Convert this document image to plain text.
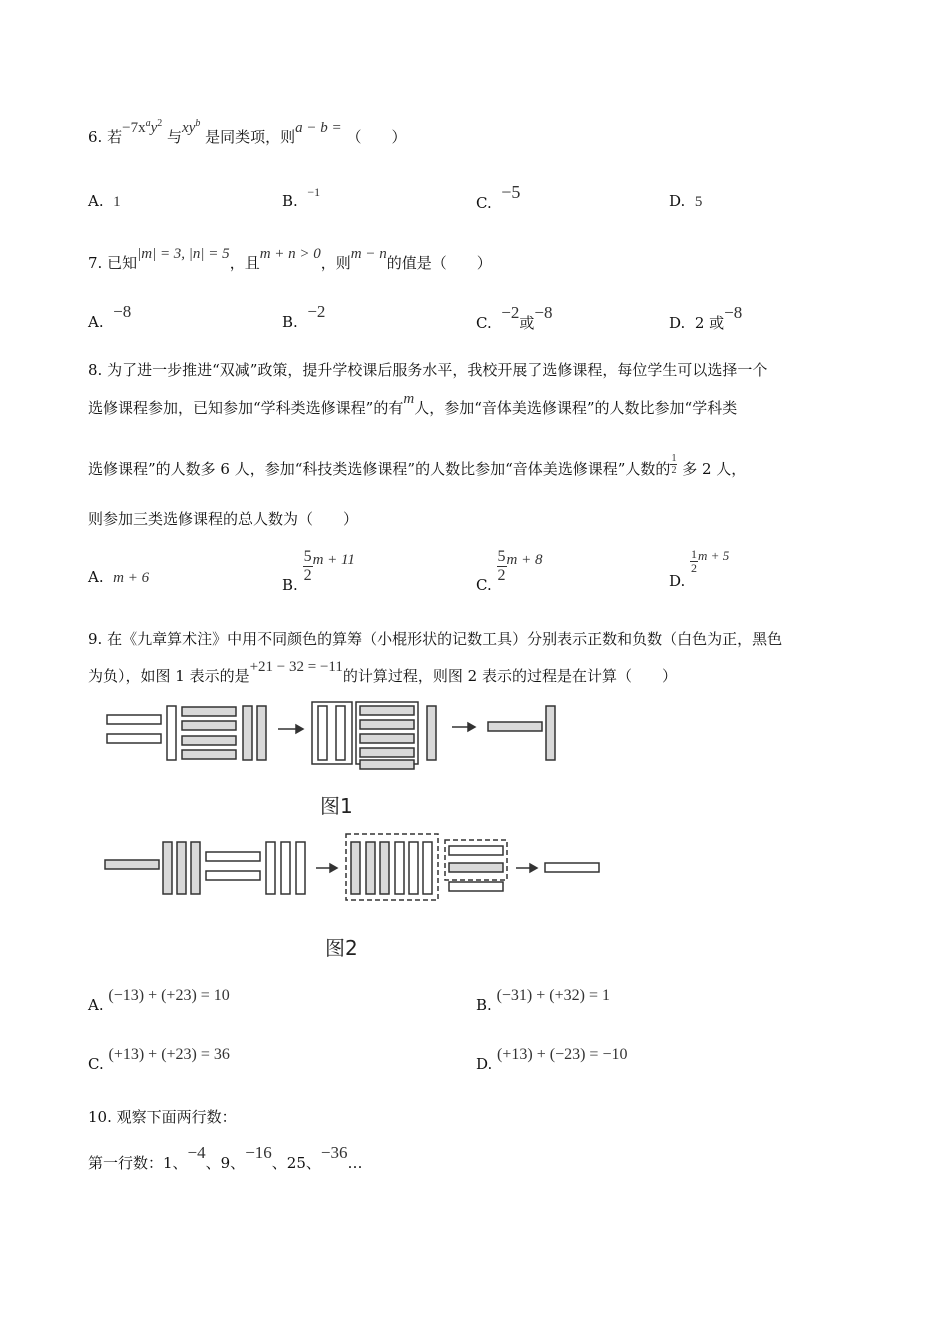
6. 若$-7x^ay^2$ 与$xy^b$ 是同类项，则a − b = （　　）
A. 1	B. $^{-1}$
C.  −5	D. 5
7. 已知|m| = 3, |n| = 5，且m + n > 0，则m − n的值是（　　）
A.  −8
B.  −2
C.  −2或−8
D. 2 或−8
8. 为了进一步推进“双减”政策，提升学校课后服务水平，我校开展了选修课程，每位学生可以选择一个
选修课程参加，已知参加“学科类选修课程”的有m人，参加“音体美选修课程”的人数比参加“学科类
选修课程”的人数多 6 人，参加“科技类选修课程”的人数比参加“音体美选修课程”人数的 $\frac{1}{2}$ 多 2 人，
则参加三类选修课程的总人数为（　　）
A. m + 6	B.
$\frac{5}{2}$ m + 11
C.
$\frac{5}{2}$ m + 8
D.
$\frac{1}{2}$ m + 5
9. 在《九章算术注》中用不同颜色的算筹（小棍形状的记数工具）分别表示正数和负数（白色为正，黑色
为负），如图 1 表示的是+21 − 32 = −11的计算过程，则图 2 表示的过程是在计算（　　）
图1
图2
A. (−13) + (+23) = 10
B. (−31) + (+32) = 1
C. (+13) + (+23) = 36
D. (+13) + (−23) = −10
10. 观察下面两行数：
第一行数：1、−4、9、−16、25、−36…
